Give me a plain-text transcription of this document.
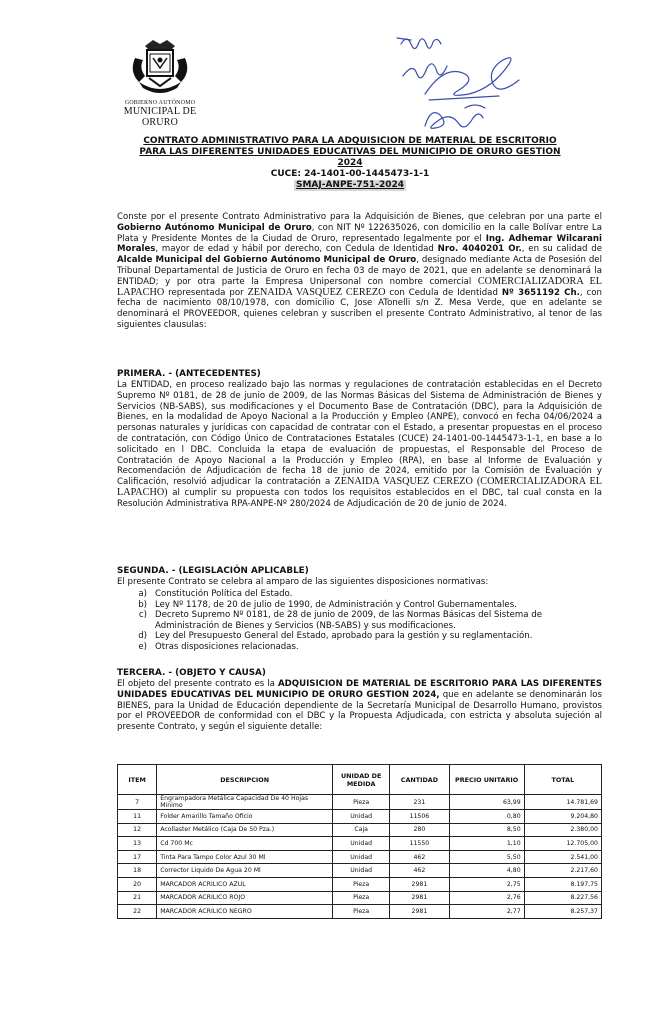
GOBIERNO AUTÓNOMO
MUNICIPAL DE ORURO
CONTRATO ADMINISTRATIVO PARA LA ADQUISICION DE MATERIAL DE ESCRITORIO
PARA LAS DIFERENTES UNIDADES EDUCATIVAS DEL MUNICIPIO DE ORURO GESTION
2024
CUCE: 24-1401-00-1445473-1-1
SMAJ-ANPE-751-2024
Conste por el presente Contrato Administrativo para la Adquisición de Bienes, que celebran por una parte el Gobierno Autónomo Municipal de Oruro, con NIT Nº 122635026, con domicilio en la calle Bolívar entre La Plata y Presidente Montes de la Ciudad de Oruro, representado legalmente por el Ing. Adhemar Wilcarani Morales, mayor de edad y hábil por derecho, con Cedula de Identidad Nro. 4040201 Or., en su calidad de Alcalde Municipal del Gobierno Autónomo Municipal de Oruro, designado mediante Acta de Posesión del Tribunal Departamental de Justicia de Oruro en fecha 03 de mayo de 2021, que en adelante se denominará la ENTIDAD; y por otra parte la Empresa Unipersonal con nombre comercial COMERCIALIZADORA EL LAPACHO representada por ZENAIDA VASQUEZ CEREZO con Cedula de Identidad Nº 3651192 Ch., con fecha de nacimiento 08/10/1978, con domicilio C, Jose ATonelli s/n Z. Mesa Verde, que en adelante se denominará el PROVEEDOR, quienes celebran y suscriben el presente Contrato Administrativo, al tenor de las siguientes clausulas:
PRIMERA. - (ANTECEDENTES)
La ENTIDAD, en proceso realizado bajo las normas y regulaciones de contratación establecidas en el Decreto Supremo Nº 0181, de 28 de junio de 2009, de las Normas Básicas del Sistema de Administración de Bienes y Servicios (NB-SABS), sus modificaciones y el Documento Base de Contratación (DBC), para la Adquisición de Bienes, en la modalidad de Apoyo Nacional a la Producción y Empleo (ANPE), convocó en fecha 04/06/2024 a personas naturales y jurídicas con capacidad de contratar con el Estado, a presentar propuestas en el proceso de contratación, con Código Único de Contrataciones Estatales (CUCE) 24-1401-00-1445473-1-1, en base a lo solicitado en l DBC. Concluida la etapa de evaluación de propuestas, el Responsable del Proceso de Contratación de Apoyo Nacional a la Producción y Empleo (RPA), en base al Informe de Evaluación y Recomendación de Adjudicación de fecha 18 de junio de 2024, emitido por la Comisión de Evaluación y Calificación, resolvió adjudicar la contratación a ZENAIDA VASQUEZ CEREZO (COMERCIALIZADORA EL LAPACHO) al cumplir su propuesta con todos los requisitos establecidos en el DBC, tal cual consta en la Resolución Administrativa RPA-ANPE-Nº 280/2024 de Adjudicación de 20 de junio de 2024.
SEGUNDA. - (LEGISLACIÓN APLICABLE)
El presente Contrato se celebra al amparo de las siguientes disposiciones normativas:
a) Constitución Política del Estado.
b) Ley Nº 1178, de 20 de julio de 1990, de Administración y Control Gubernamentales.
c) Decreto Supremo Nº 0181, de 28 de junio de 2009, de las Normas Básicas del Sistema de Administración de Bienes y Servicios (NB-SABS) y sus modificaciones.
d) Ley del Presupuesto General del Estado, aprobado para la gestión y su reglamentación.
e) Otras disposiciones relacionadas.
TERCERA. - (OBJETO Y CAUSA)
El objeto del presente contrato es la ADQUISICION DE MATERIAL DE ESCRITORIO PARA LAS DIFERENTES UNIDADES EDUCATIVAS DEL MUNICIPIO DE ORURO GESTION 2024, que en adelante se denominarán los BIENES, para la Unidad de Educación dependiente de la Secretaría Municipal de Desarrollo Humano, provistos por el PROVEEDOR de conformidad con el DBC y la Propuesta Adjudicada, con estricta y absoluta sujeción al presente Contrato, y según el siguiente detalle:
ITEM	DESCRIPCION	UNIDAD DE MEDIDA	CANTIDAD	PRECIO UNITARIO	TOTAL
7	Engrampadora Metálica Capacidad De 40 Hojas Minimo	Pieza	231	63,99	14.781,69
11	Folder Amarillo Tamaño Oficio	Unidad	11506	0,80	9.204,80
12	Acollaster Metálico (Caja De 50 Pza.)	Caja	280	8,50	2.380,00
13	Cd 700 Mc	Unidad	11550	1,10	12.705,00
17	Tinta Para Tampo Color Azul 30 Ml	Unidad	462	5,50	2.541,00
18	Corrector Liquido De Agua 20 Ml	Unidad	462	4,80	2.217,60
20	MARCADOR ACRILICO AZUL	Pieza	2981	2,75	8.197,75
21	MARCADOR ACRILICO ROJO	Pieza	2981	2,76	8.227,56
22	MARCADOR ACRILICO NEGRO	Pieza	2981	2,77	8.257,37
